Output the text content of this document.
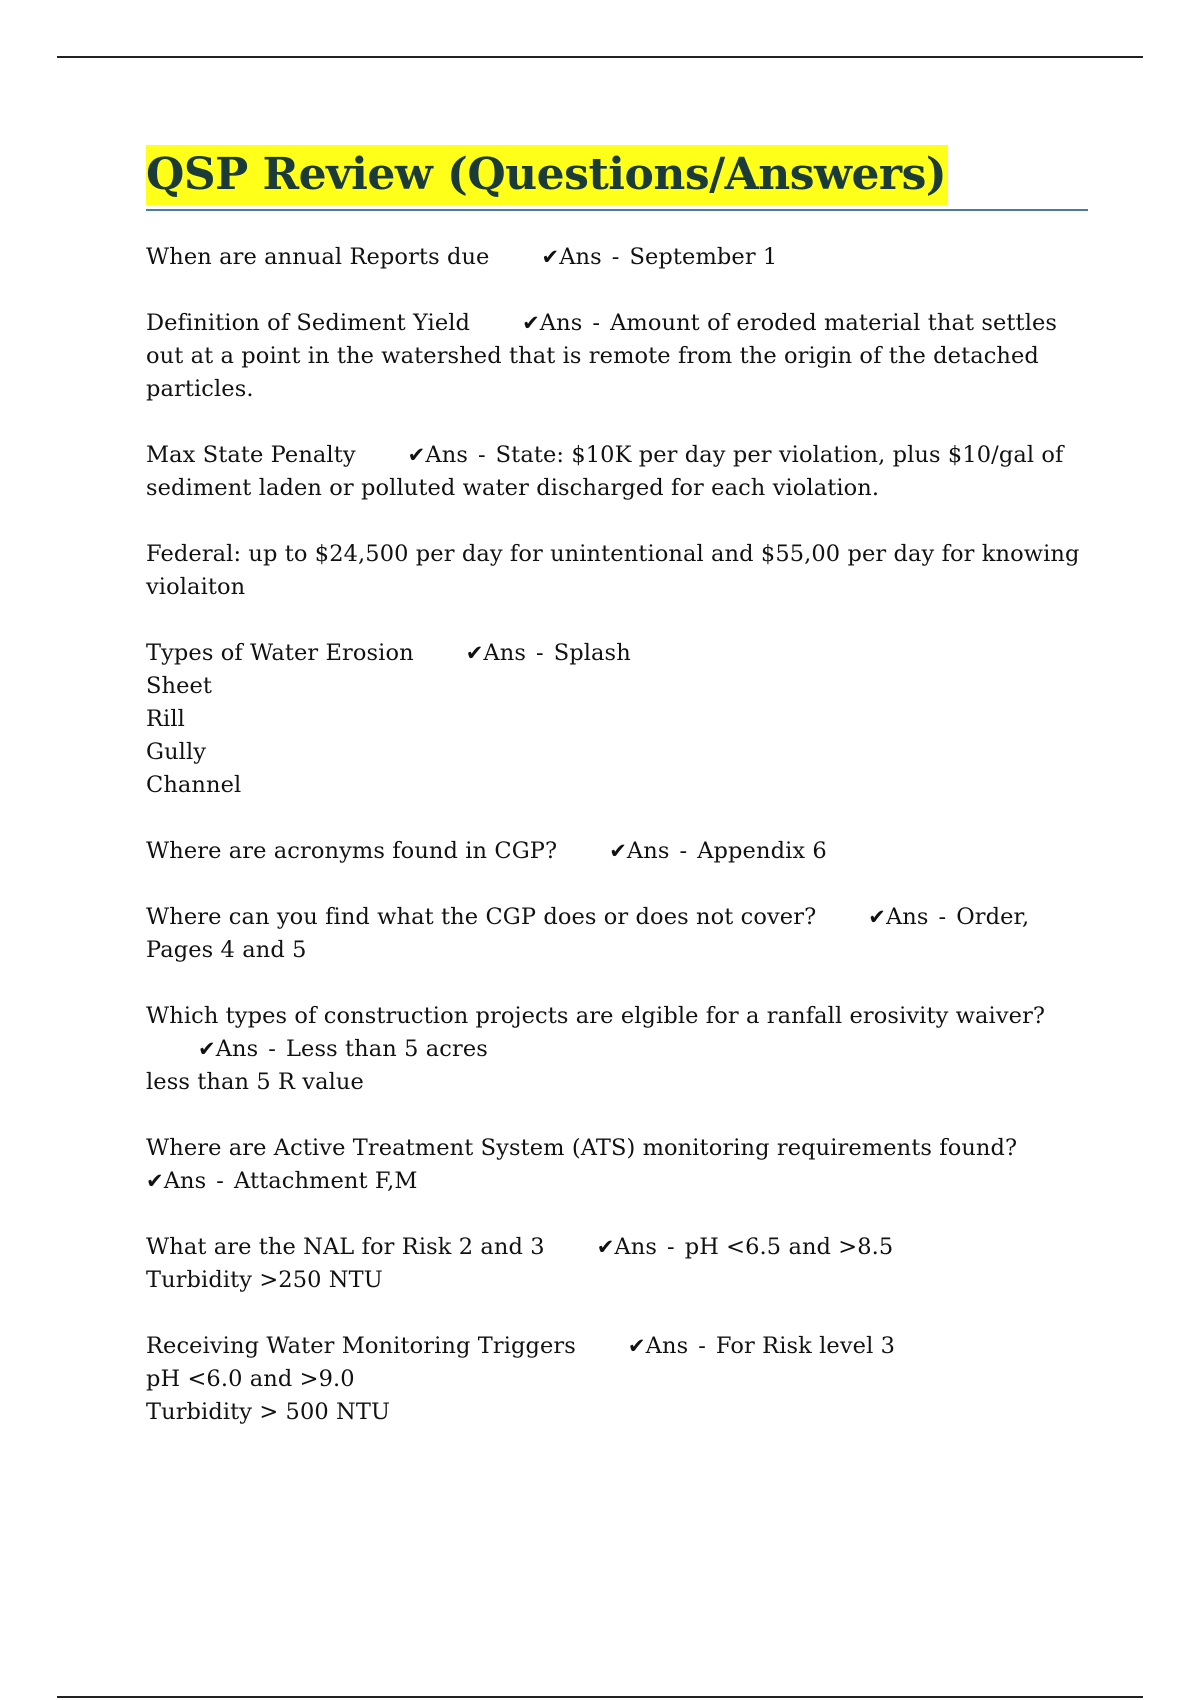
QSP Review (Questions/Answers)
When are annual Reports due ✔Ans - September 1
Definition of Sediment Yield ✔Ans - Amount of eroded material that settles out at a point in the watershed that is remote from the origin of the detached particles.
Max State Penalty ✔Ans - State: $10K per day per violation, plus $10/gal of sediment laden or polluted water discharged for each violation.
Federal: up to $24,500 per day for unintentional and $55,00 per day for knowing violaiton
Types of Water Erosion ✔Ans - Splash
Sheet
Rill
Gully
Channel
Where are acronyms found in CGP? ✔Ans - Appendix 6
Where can you find what the CGP does or does not cover? ✔Ans - Order, Pages 4 and 5
Which types of construction projects are elgible for a ranfall erosivity waiver?✔Ans - Less than 5 acres
less than 5 R value
Where are Active Treatment System (ATS) monitoring requirements found?✔Ans - Attachment F,M
What are the NAL for Risk 2 and 3 ✔Ans - pH <6.5 and >8.5
Turbidity >250 NTU
Receiving Water Monitoring Triggers ✔Ans - For Risk level 3
pH <6.0 and >9.0
Turbidity > 500 NTU
